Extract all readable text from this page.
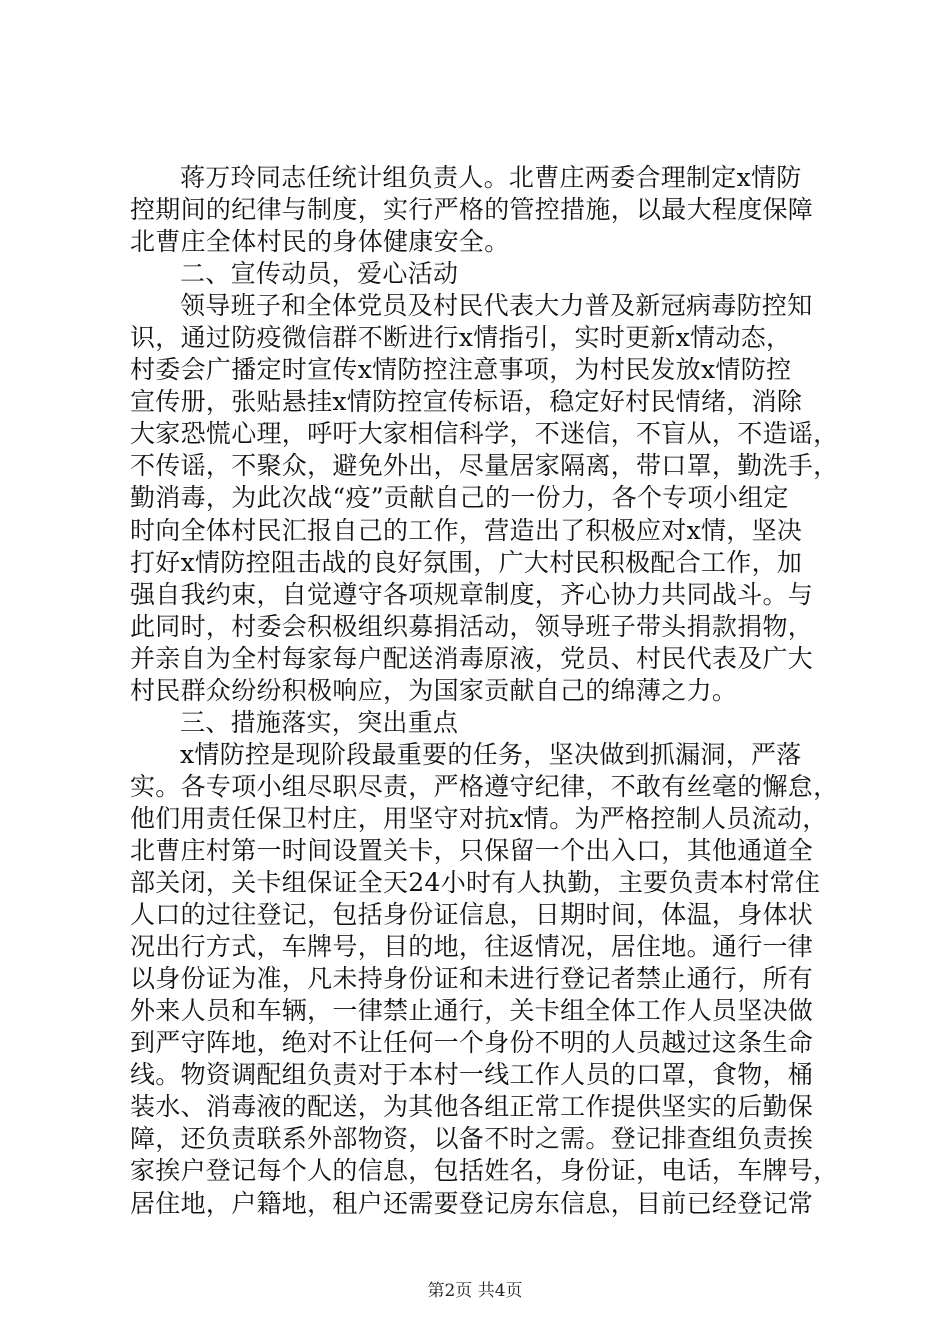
蒋万玲同志任统计组负责人。北曹庄两委合理制定x情防
控期间的纪律与制度，实行严格的管控措施，以最大程度保障
北曹庄全体村民的身体健康安全。
二、宣传动员，爱心活动
领导班子和全体党员及村民代表大力普及新冠病毒防控知
识，通过防疫微信群不断进行x情指引，实时更新x情动态，
村委会广播定时宣传x情防控注意事项，为村民发放x情防控
宣传册，张贴悬挂x情防控宣传标语，稳定好村民情绪，消除
大家恐慌心理，呼吁大家相信科学，不迷信，不盲从，不造谣，
不传谣，不聚众，避免外出，尽量居家隔离，带口罩，勤洗手，
勤消毒，为此次战“疫”贡献自己的一份力，各个专项小组定
时向全体村民汇报自己的工作，营造出了积极应对x情，坚决
打好x情防控阻击战的良好氛围，广大村民积极配合工作，加
强自我约束，自觉遵守各项规章制度，齐心协力共同战斗。与
此同时，村委会积极组织募捐活动，领导班子带头捐款捐物，
并亲自为全村每家每户配送消毒原液，党员、村民代表及广大
村民群众纷纷积极响应，为国家贡献自己的绵薄之力。
三、措施落实，突出重点
x情防控是现阶段最重要的任务，坚决做到抓漏洞，严落
实。各专项小组尽职尽责，严格遵守纪律，不敢有丝毫的懈怠，
他们用责任保卫村庄，用坚守对抗x情。为严格控制人员流动，
北曹庄村第一时间设置关卡，只保留一个出入口，其他通道全
部关闭，关卡组保证全天24小时有人执勤，主要负责本村常住
人口的过往登记，包括身份证信息，日期时间，体温，身体状
况出行方式，车牌号，目的地，往返情况，居住地。通行一律
以身份证为准，凡未持身份证和未进行登记者禁止通行，所有
外来人员和车辆，一律禁止通行，关卡组全体工作人员坚决做
到严守阵地，绝对不让任何一个身份不明的人员越过这条生命
线。物资调配组负责对于本村一线工作人员的口罩，食物，桶
装水、消毒液的配送，为其他各组正常工作提供坚实的后勤保
障，还负责联系外部物资，以备不时之需。登记排查组负责挨
家挨户登记每个人的信息，包括姓名，身份证，电话，车牌号，
居住地，户籍地，租户还需要登记房东信息，目前已经登记常
第2页 共4页
